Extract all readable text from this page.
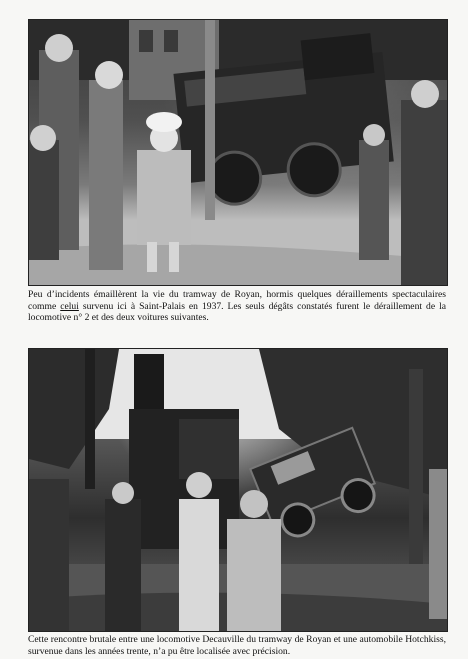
Peu d’incidents émaillèrent la vie du tramway de Royan, hormis quelques déraillements spectaculaires comme celui survenu ici à Saint-Palais en 1937. Les seuls dégâts constatés furent le déraillement de la locomotive n° 2 et des deux voitures suivantes.

Cette rencontre brutale entre une locomotive Decauville du tramway de Royan et une automobile Hotchkiss, survenue dans les années trente, n’a pu être localisée avec précision.
